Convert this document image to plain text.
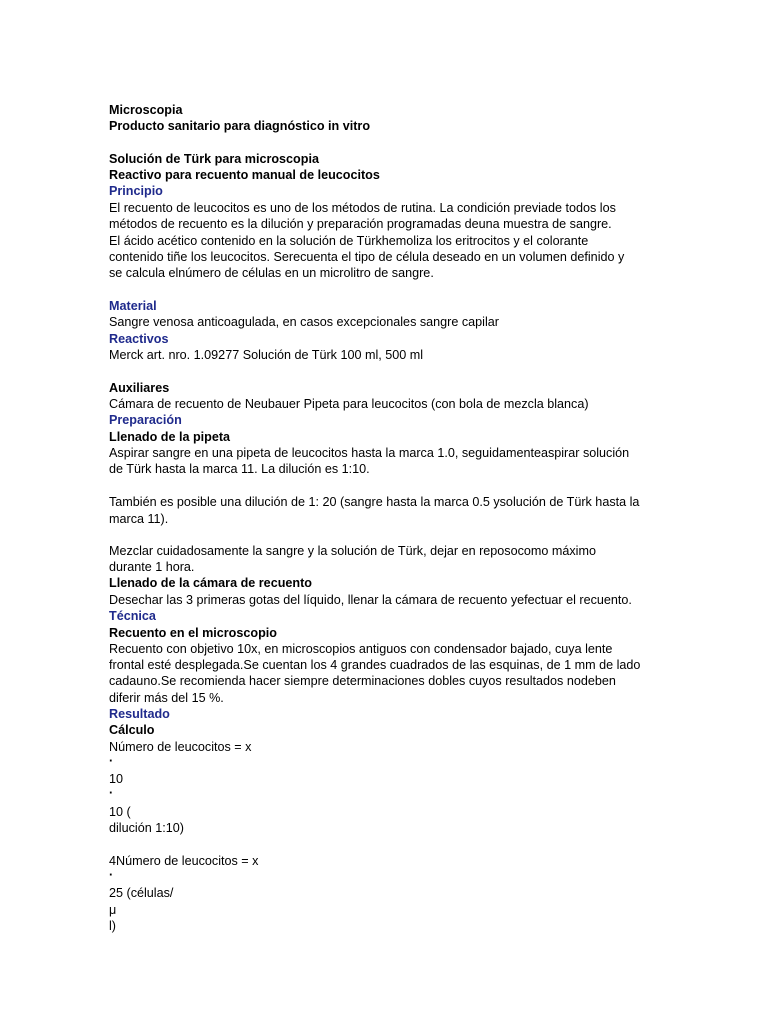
Microscopia
Producto sanitario para diagnóstico in vitro
Solución de Türk para microscopia
Reactivo para recuento manual de leucocitos
Principio
El recuento de leucocitos es uno de los métodos de rutina. La condición previade todos los
métodos de recuento es la dilución y preparación programadas deuna muestra de sangre.
El ácido acético contenido en la solución de Türkhemoliza los eritrocitos y el colorante
contenido tiñe los leucocitos. Serecuenta el tipo de célula deseado en un volumen definido y
se calcula elnúmero de células en un microlitro de sangre.
Material
Sangre venosa anticoagulada, en casos excepcionales sangre capilar
Reactivos
Merck art. nro. 1.09277 Solución de Türk 100 ml, 500 ml
Auxiliares
Cámara de recuento de Neubauer Pipeta para leucocitos (con bola de mezcla blanca)
Preparación
Llenado de la pipeta
Aspirar sangre en una pipeta de leucocitos hasta la marca 1.0, seguidamenteaspirar solución
de Türk hasta la marca 11. La dilución es 1:10.
También es posible una dilución de 1: 20 (sangre hasta la marca 0.5 ysolución de Türk hasta la
marca 11).
Mezclar cuidadosamente la sangre y la solución de Türk, dejar en reposocomo máximo
durante 1 hora.
Llenado de la cámara de recuento
Desechar las 3 primeras gotas del líquido, llenar la cámara de recuento yefectuar el recuento.
Técnica
Recuento en el microscopio
Recuento con objetivo 10x, en microscopios antiguos con condensador bajado, cuya lente
frontal esté desplegada.Se cuentan los 4 grandes cuadrados de las esquinas, de 1 mm de lado
cadauno.Se recomienda hacer siempre determinaciones dobles cuyos resultados nodeben
diferir más del 15 %.
Resultado
Cálculo
Número de leucocitos = x
·
10
·
10 (
dilución 1:10)
4Número de leucocitos = x
·
25 (células/
μ
l)
